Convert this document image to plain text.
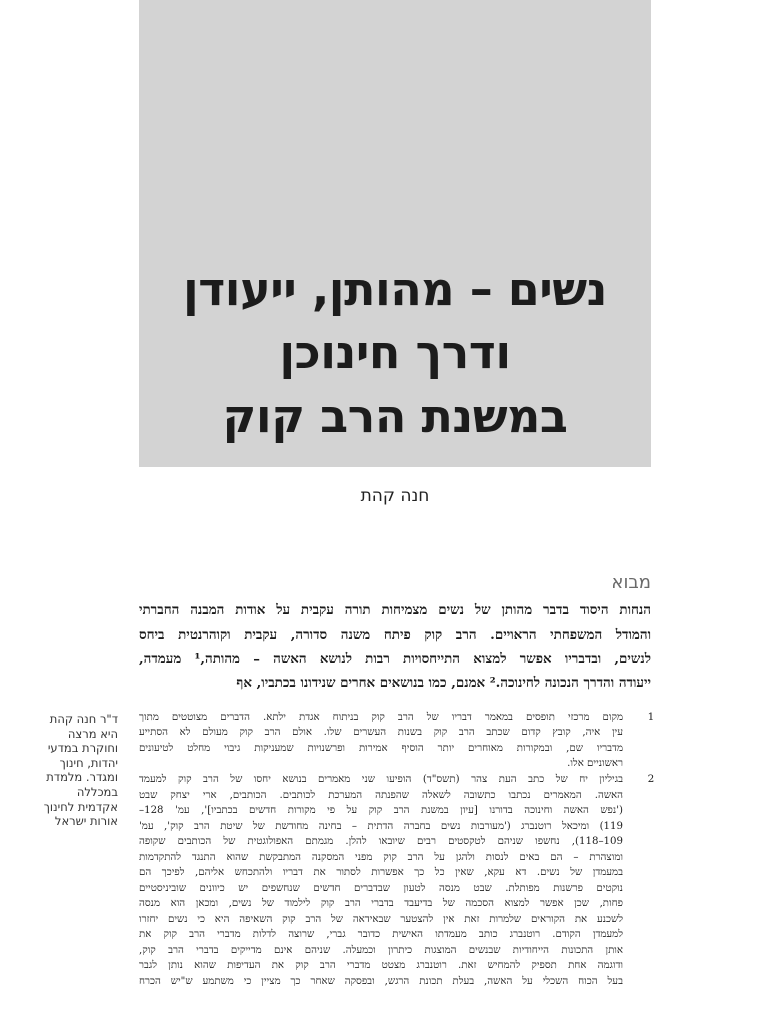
נשים – מהותן, ייעודן
ודרך חינוכן
במשנת הרב קוק
חנה קהת
מבוא
הנחות היסוד בדבר מהותן של נשים מצמיחות תורה עקבית על אודות המבנה החברתי
והמודל המשפחתי הראויים. הרב קוק פיתח משנה סדורה, עקבית וקוהרנטית ביחס
לנשים, ובדבריו אפשר למצוא התייחסויות רבות לנושא האשה – מהותה,¹ מעמדה,
ייעודה והדרך הנכונה לחינוכה.² אמנם, כמו בנושאים אחרים שנידונו בכתביו, אף
ד"ר חנה קהת
היא מרצה
וחוקרת במדעי
יהדות, חינוך
ומגדר. מלמדת
במכללה
אקדמית לחינוך
אורות ישראל
1
מקום מרכזי תופסים במאמר דבריו של הרב קוק בניתוח אגדת ילתא. הדברים מצוטטים מתוך
עין איה, קובץ קדום שכתב הרב קוק בשנות העשרים שלו. אולם הרב קוק מעולם לא הסתייע
מדבריו שם, ובמקורות מאוחרים יותר הוסיף אמירות ופרשנויות שמעניקות גיבוי מחלט לטיעונים
ראשוניים אלו.
2
בגיליון יח של כתב העת צהר (תשס"ד) הופיעו שני מאמרים בנושא יחסו של הרב קוק למעמד
האשה. המאמרים נכתבו כתשובה לשאלה שהפנתה המערכת לכותבים. הכותבים, ארי יצחק שבט
('נפש האשה וחינוכה בדורנו [עיון במשנת הרב קוק על פי מקורות חדשים בכתביו]', עמ' 128–
119) ומיכאל רוטנברג ('מעורבות נשים בחברה הדתית – בחינה מחודשת של שיטת הרב קוק', עמ'
109–118), נחשפו שניהם לטקסטים רבים שיובאו להלן. מגמתם האפולוגטית של הכותבים שקופה
ומוצהרת – הם באים לנסות ולהגן על הרב קוק מפני המסקנה המתבקשת שהוא התנגד להתקדמות
במעמדן של נשים. דא עקא, שאין כל כך אפשרות לסתור את דבריו ולהתכחש אליהם, לפיכך הם
נוקטים פרשנות מפותלת. שבט מנסה לטעון שבדברים חדשים שנחשפים יש כיוונים שוביניסטיים
פחות, שכן אפשר למצוא הסכמה של בדיעבד בדברי הרב קוק לילמוד של נשים, ומכאן הוא מנסה
לשכנע את הקוראים שלמרות זאת אין להצטער שבאידאה של הרב קוק השאיפה היא כי נשים יחזרו
למעמדן הקודם. רוטנברג כותב מעמדתו האישית כדובר גברי, שרוצה לדלות מדברי הרב קוק את
אותן התכונות הייחודיות שבנשים המוצגות כיתרון וכמעלה. שניהם אינם מדייקים בדברי הרב קוק,
ודוגמה אחת תספיק להמחיש זאת. רוטנברג מצטט מדברי הרב קוק את העדיפות שהוא נותן לגבר
בעל הכוח השכלי על האשה, בעלת תכונת הרגש, ובפסקה שאחר כך מציין כי משתמע ש"יש הכרח
